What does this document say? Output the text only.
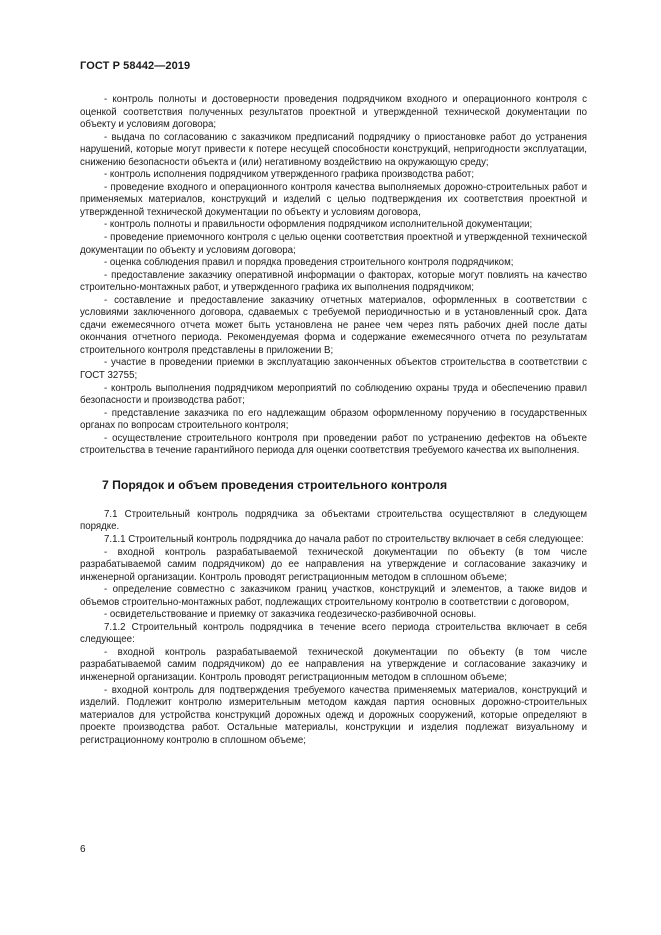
ГОСТ Р 58442—2019

- контроль полноты и достоверности проведения подрядчиком входного и операционного контроля с оценкой соответствия полученных результатов проектной и утвержденной технической документации по объекту и условиям договора;

- выдача по согласованию с заказчиком предписаний подрядчику о приостановке работ до устранения нарушений, которые могут привести к потере несущей способности конструкций, непригодности эксплуатации, снижению безопасности объекта и (или) негативному воздействию на окружающую среду;

- контроль исполнения подрядчиком утвержденного графика производства работ;

- проведение входного и операционного контроля качества выполняемых дорожно-строительных работ и применяемых материалов, конструкций и изделий с целью подтверждения их соответствия проектной и утвержденной технической документации по объекту и условиям договора,

- контроль полноты и правильности оформления подрядчиком исполнительной документации;

- проведение приемочного контроля с целью оценки соответствия проектной и утвержденной технической документации по объекту и условиям договора;

- оценка соблюдения правил и порядка проведения строительного контроля подрядчиком;

- предоставление заказчику оперативной информации о факторах, которые могут повлиять на качество строительно-монтажных работ, и утвержденного графика их выполнения подрядчиком;

- составление и предоставление заказчику отчетных материалов, оформленных в соответствии с условиями заключенного договора, сдаваемых с требуемой периодичностью и в установленный срок. Дата сдачи ежемесячного отчета может быть установлена не ранее чем через пять рабочих дней после даты окончания отчетного периода. Рекомендуемая форма и содержание ежемесячного отчета по результатам строительного контроля представлены в приложении В;

- участие в проведении приемки в эксплуатацию законченных объектов строительства в соответствии с ГОСТ 32755;

- контроль выполнения подрядчиком мероприятий по соблюдению охраны труда и обеспечению правил безопасности и производства работ;

- представление заказчика по его надлежащим образом оформленному поручению в государственных органах по вопросам строительного контроля;

- осуществление строительного контроля при проведении работ по устранению дефектов на объекте строительства в течение гарантийного периода для оценки соответствия требуемого качества их выполнения.

7 Порядок и объем проведения строительного контроля

7.1 Строительный контроль подрядчика за объектами строительства осуществляют в следующем порядке.

7.1.1 Строительный контроль подрядчика до начала работ по строительству включает в себя следующее:

- входной контроль разрабатываемой технической документации по объекту (в том числе разрабатываемой самим подрядчиком) до ее направления на утверждение и согласование заказчику и инженерной организации. Контроль проводят регистрационным методом в сплошном объеме;

- определение совместно с заказчиком границ участков, конструкций и элементов, а также видов и объемов строительно-монтажных работ, подлежащих строительному контролю в соответствии с договором,

- освидетельствование и приемку от заказчика геодезическо-разбивочной основы.

7.1.2 Строительный контроль подрядчика в течение всего периода строительства включает в себя следующее:

- входной контроль разрабатываемой технической документации по объекту (в том числе разрабатываемой самим подрядчиком) до ее направления на утверждение и согласование заказчику и инженерной организации. Контроль проводят регистрационным методом в сплошном объеме;

- входной контроль для подтверждения требуемого качества применяемых материалов, конструкций и изделий. Подлежит контролю измерительным методом каждая партия основных дорожно-строительных материалов для устройства конструкций дорожных одежд и дорожных сооружений, которые определяют в проекте производства работ. Остальные материалы, конструкции и изделия подлежат визуальному и регистрационному контролю в сплошном объеме;

6
